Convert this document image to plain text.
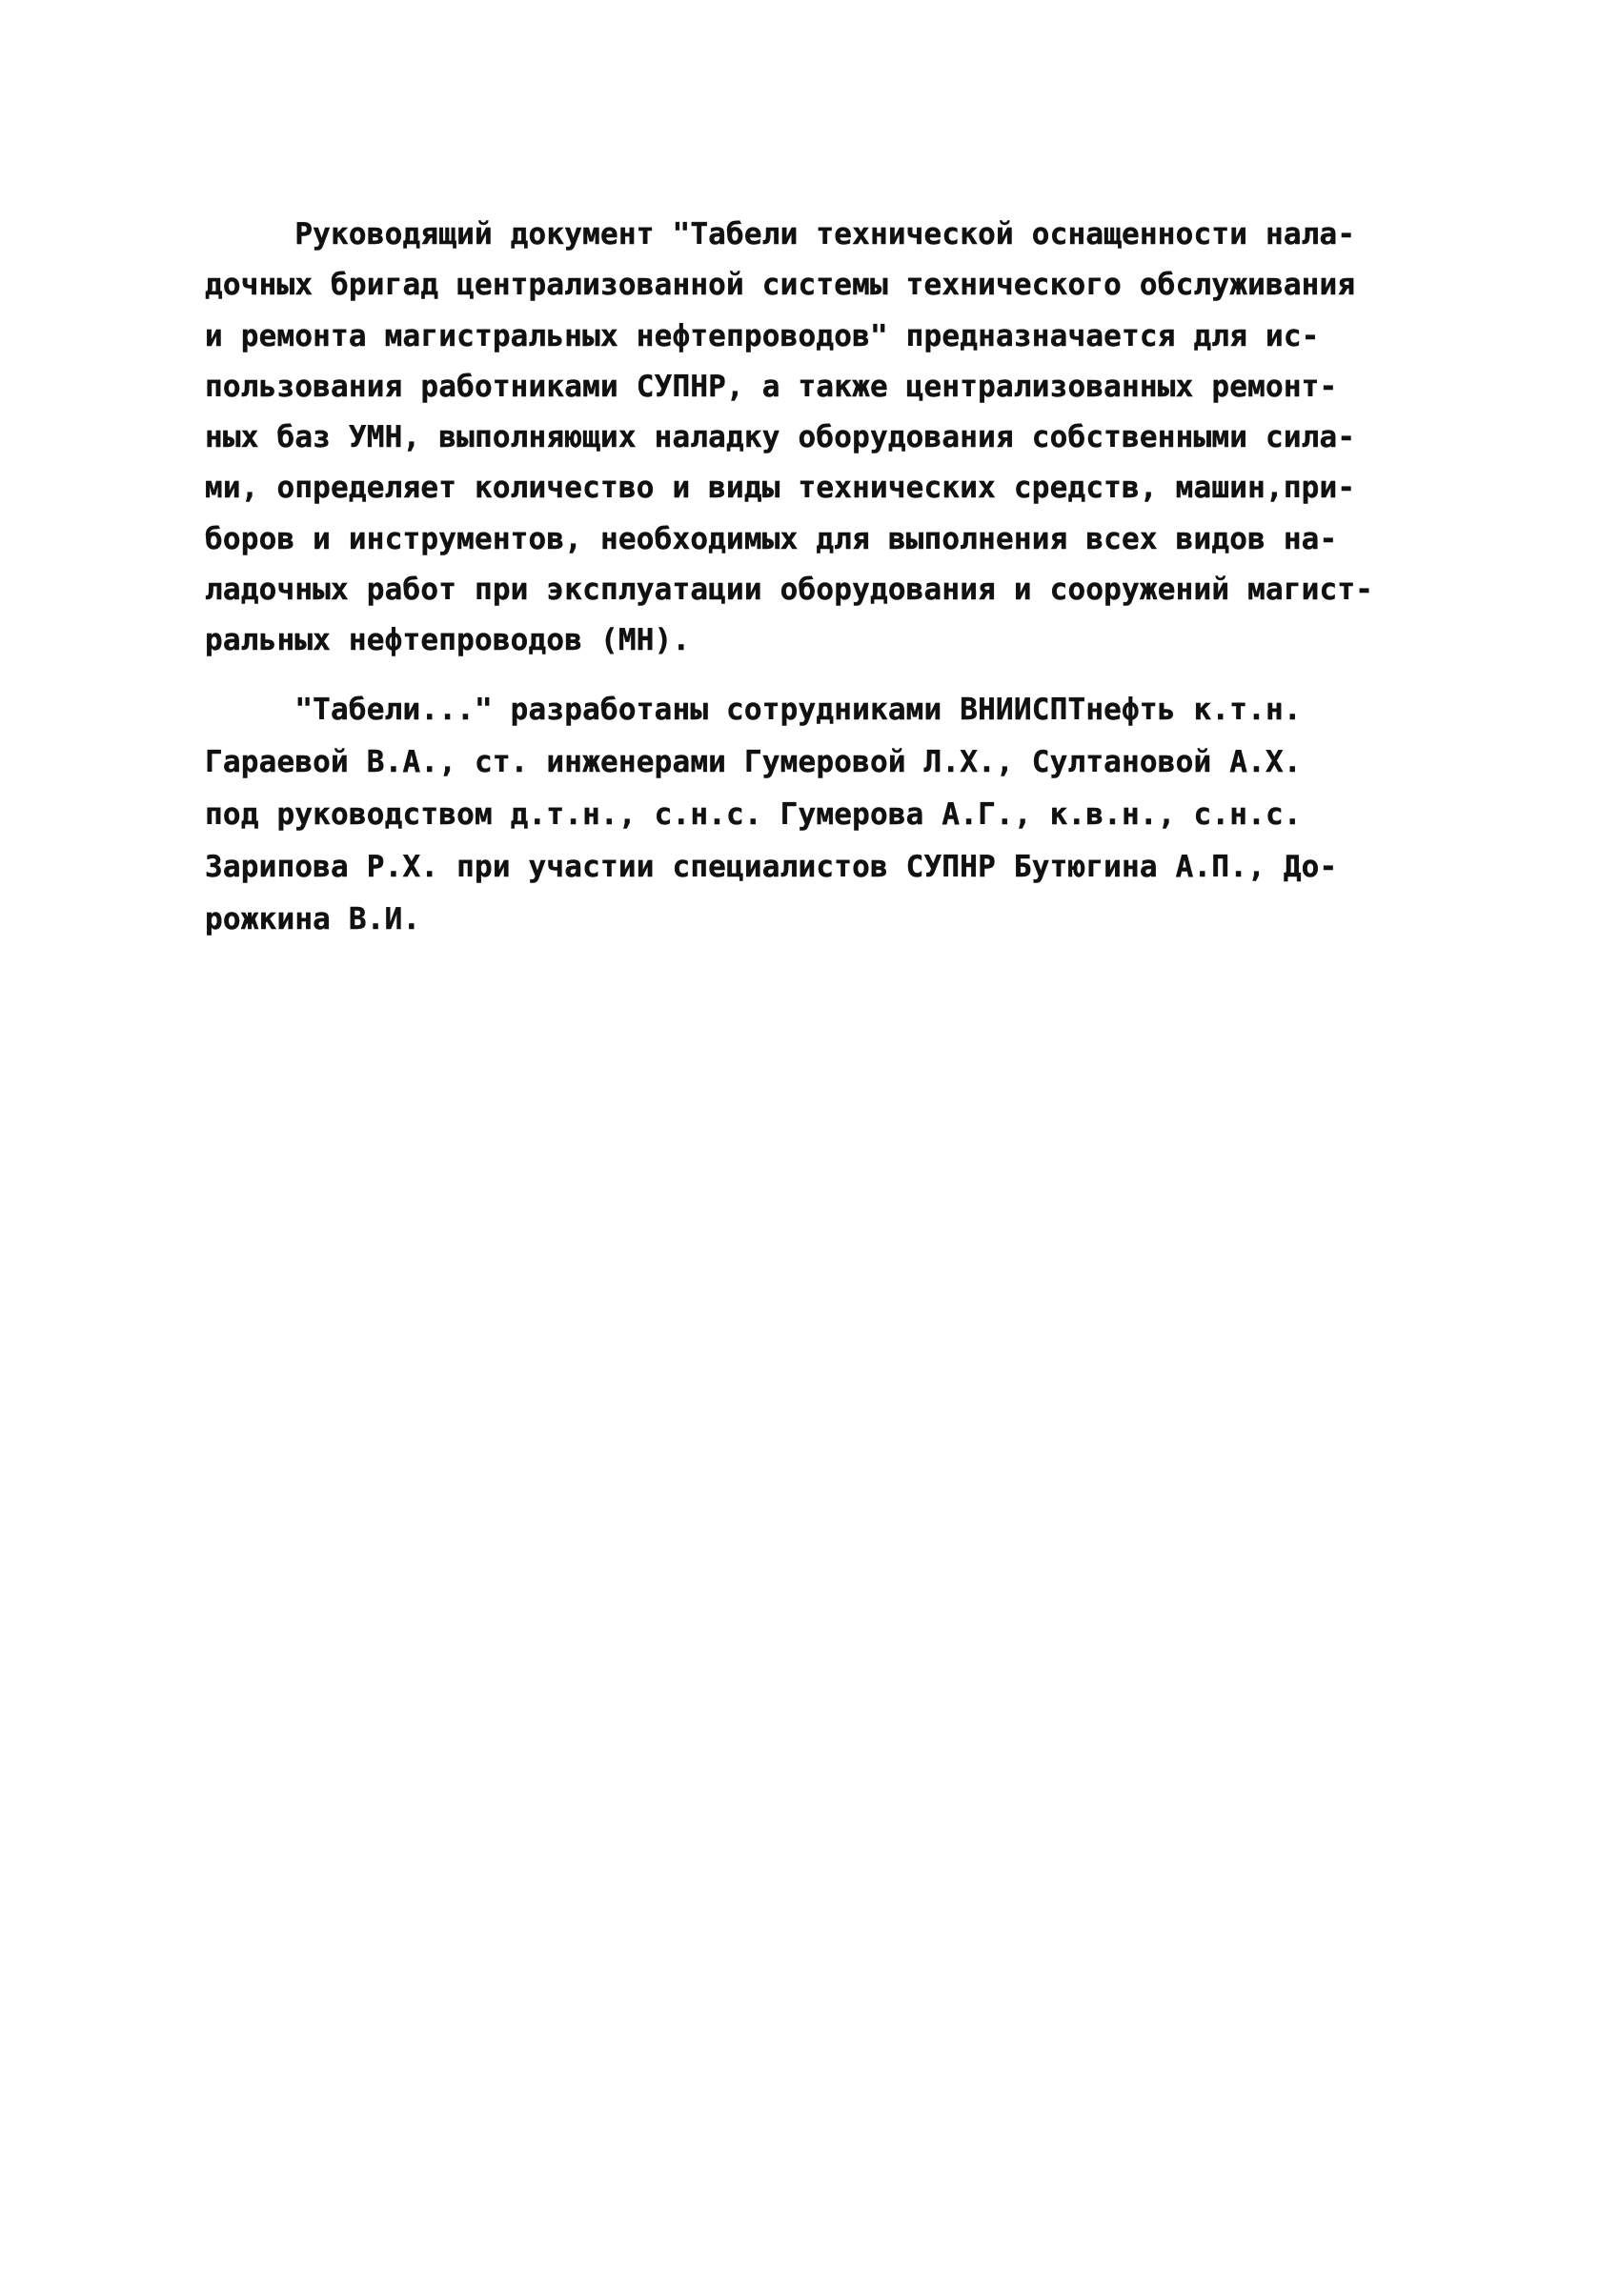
Руководящий документ "Табели технической оснащенности нала-
дочных бригад централизованной системы технического обслуживания
и ремонта магистральных нефтепроводов" предназначается для ис-
пользования работниками СУПНР, а также централизованных ремонт-
ных баз УМН, выполняющих наладку оборудования собственными сила-
ми, определяет количество и виды технических средств, машин,при-
боров и инструментов, необходимых для выполнения всех видов на-
ладочных работ при эксплуатации оборудования и сооружений магист-
ральных нефтепроводов (МН).
"Табели..." разработаны сотрудниками ВНИИСПТнефть к.т.н.
Гараевой В.А., ст. инженерами Гумеровой Л.Х., Султановой А.Х.
под руководством д.т.н., с.н.с. Гумерова А.Г., к.в.н., с.н.с.
Зарипова Р.Х. при участии специалистов СУПНР Бутюгина А.П., До-
рожкина В.И.
